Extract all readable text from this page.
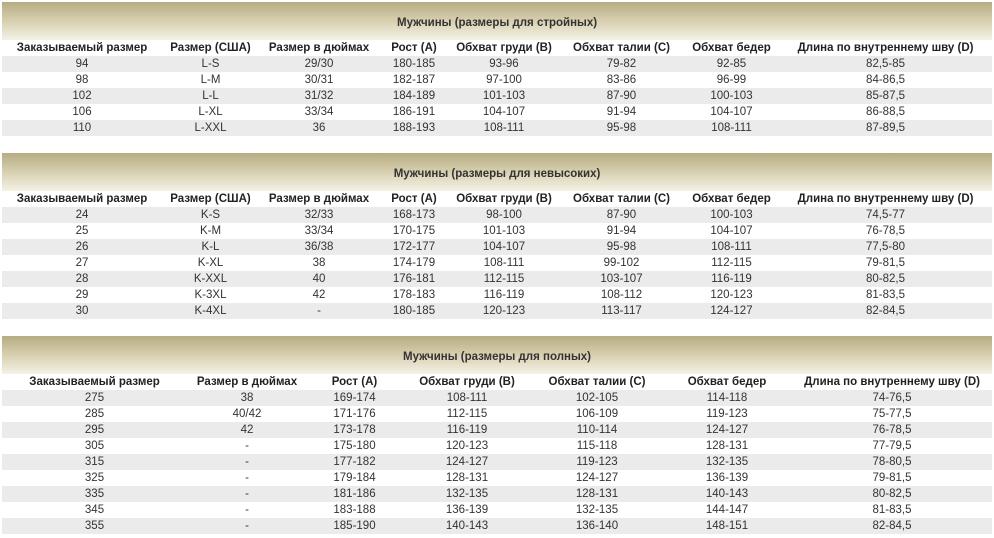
Мужчины (размеры для стройных)							
Заказываемый размер	Размер (США)	Размер в дюймах	Рост (А)	Обхват груди (B)	Обхват талии (C)	Обхват бедер	Длина по внутреннему шву (D)
94	L-S	29/30	180-185	93-96	79-82	92-85	82,5-85
98	L-M	30/31	182-187	97-100	83-86	96-99	84-86,5
102	L-L	31/32	184-189	101-103	87-90	100-103	85-87,5
106	L-XL	33/34	186-191	104-107	91-94	104-107	86-88,5
110	L-XXL	36	188-193	108-111	95-98	108-111	87-89,5
Мужчины (размеры для невысоких)							
Заказываемый размер	Размер (США)	Размер в дюймах	Рост (А)	Обхват груди (B)	Обхват талии (C)	Обхват бедер	Длина по внутреннему шву (D)
24	K-S	32/33	168-173	98-100	87-90	100-103	74,5-77
25	K-M	33/34	170-175	101-103	91-94	104-107	76-78,5
26	K-L	36/38	172-177	104-107	95-98	108-111	77,5-80
27	K-XL	38	174-179	108-111	99-102	112-115	79-81,5
28	K-XXL	40	176-181	112-115	103-107	116-119	80-82,5
29	K-3XL	42	178-183	116-119	108-112	120-123	81-83,5
30	K-4XL	-	180-185	120-123	113-117	124-127	82-84,5
Мужчины (размеры для полных)						
Заказываемый размер	Размер в дюймах	Рост (А)	Обхват груди (B)	Обхват талии (C)	Обхват бедер	Длина по внутреннему шву (D)
275	38	169-174	108-111	102-105	114-118	74-76,5
285	40/42	171-176	112-115	106-109	119-123	75-77,5
295	42	173-178	116-119	110-114	124-127	76-78,5
305	-	175-180	120-123	115-118	128-131	77-79,5
315	-	177-182	124-127	119-123	132-135	78-80,5
325	-	179-184	128-131	124-127	136-139	79-81,5
335	-	181-186	132-135	128-131	140-143	80-82,5
345	-	183-188	136-139	132-135	144-147	81-83,5
355	-	185-190	140-143	136-140	148-151	82-84,5
